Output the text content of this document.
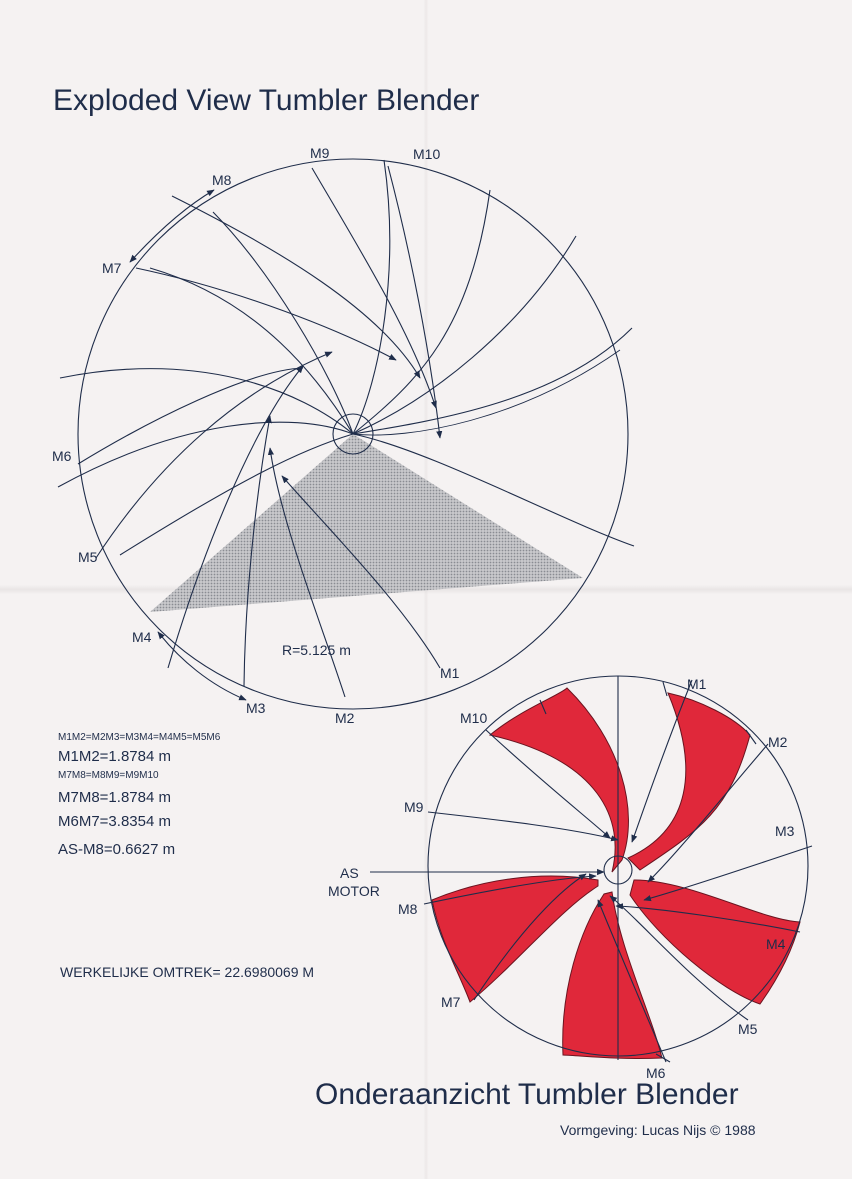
Exploded View Tumbler Blender
M1
M2
M3
M4
M5
M6
M7
M8
M9	M10
R=5.125 m
M1
M2
M3
M4
M5
M6
M7
M8
M9
M10
AS
MOTOR
M1M2=M2M3=M3M4=M4M5=M5M6
M1M2=1.8784 m
M7M8=M8M9=M9M10
M7M8=1.8784 m
M6M7=3.8354 m
AS-M8=0.6627 m
WERKELIJKE OMTREK= 22.6980069 M
Onderaanzicht Tumbler Blender
Vormgeving: Lucas Nijs © 1988
